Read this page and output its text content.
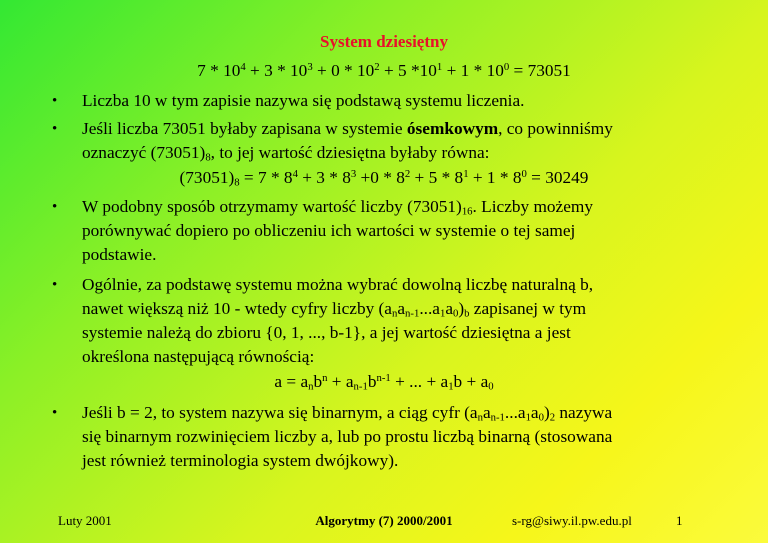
System dziesiętny
$7 * 10^4 + 3 * 10^3 + 0 * 10^2 + 5$ $*10^1 + 1 * 10^0 = 73051$
• Liczba 10 w tym zapisie nazywa się podstawą systemu liczenia.
• Jeśli liczba 73051 byłaby zapisana w systemie ósemkowym, co powinniśmy
oznaczyć $(73051)_8$, to jej wartość dziesiętna byłaby równa:
$(73051)_8 = 7 * 8^4 + 3 * 8^3 +0 * 8^2 + 5 * 8^1 + 1 * 8^0 = 30249$
• W podobny sposób otrzymamy wartość liczby $(73051)_{16}$. Liczby możemy
porównywać dopiero po obliczeniu ich wartości w systemie o tej samej
podstawie.
• Ogólnie, za podstawę systemu można wybrać dowolną liczbę naturalną b,
nawet większą niż 10 - wtedy cyfry liczby $(a_na_{n-1}...a_1a_0)_b$ zapisanej w tym
systemie należą do zbioru {0, 1, ..., b-1}, a jej wartość dziesiętna a jest
określona następującą równością:
$a = a_nb^n + a_{n-1}b^{n-1}$ + ... + $a_1b + a_0$
• Jeśli b = 2, to system nazywa się binarnym, a ciąg cyfr $(a_na_{n-1}...a_1a_0)_2$ nazywa
się binarnym rozwinięciem liczby a, lub po prostu liczbą binarną (stosowana
jest również terminologia system dwójkowy).
Luty 2001	Algorytmy (7) 2000/2001	s-rg@siwy.il.pw.edu.pl	1
